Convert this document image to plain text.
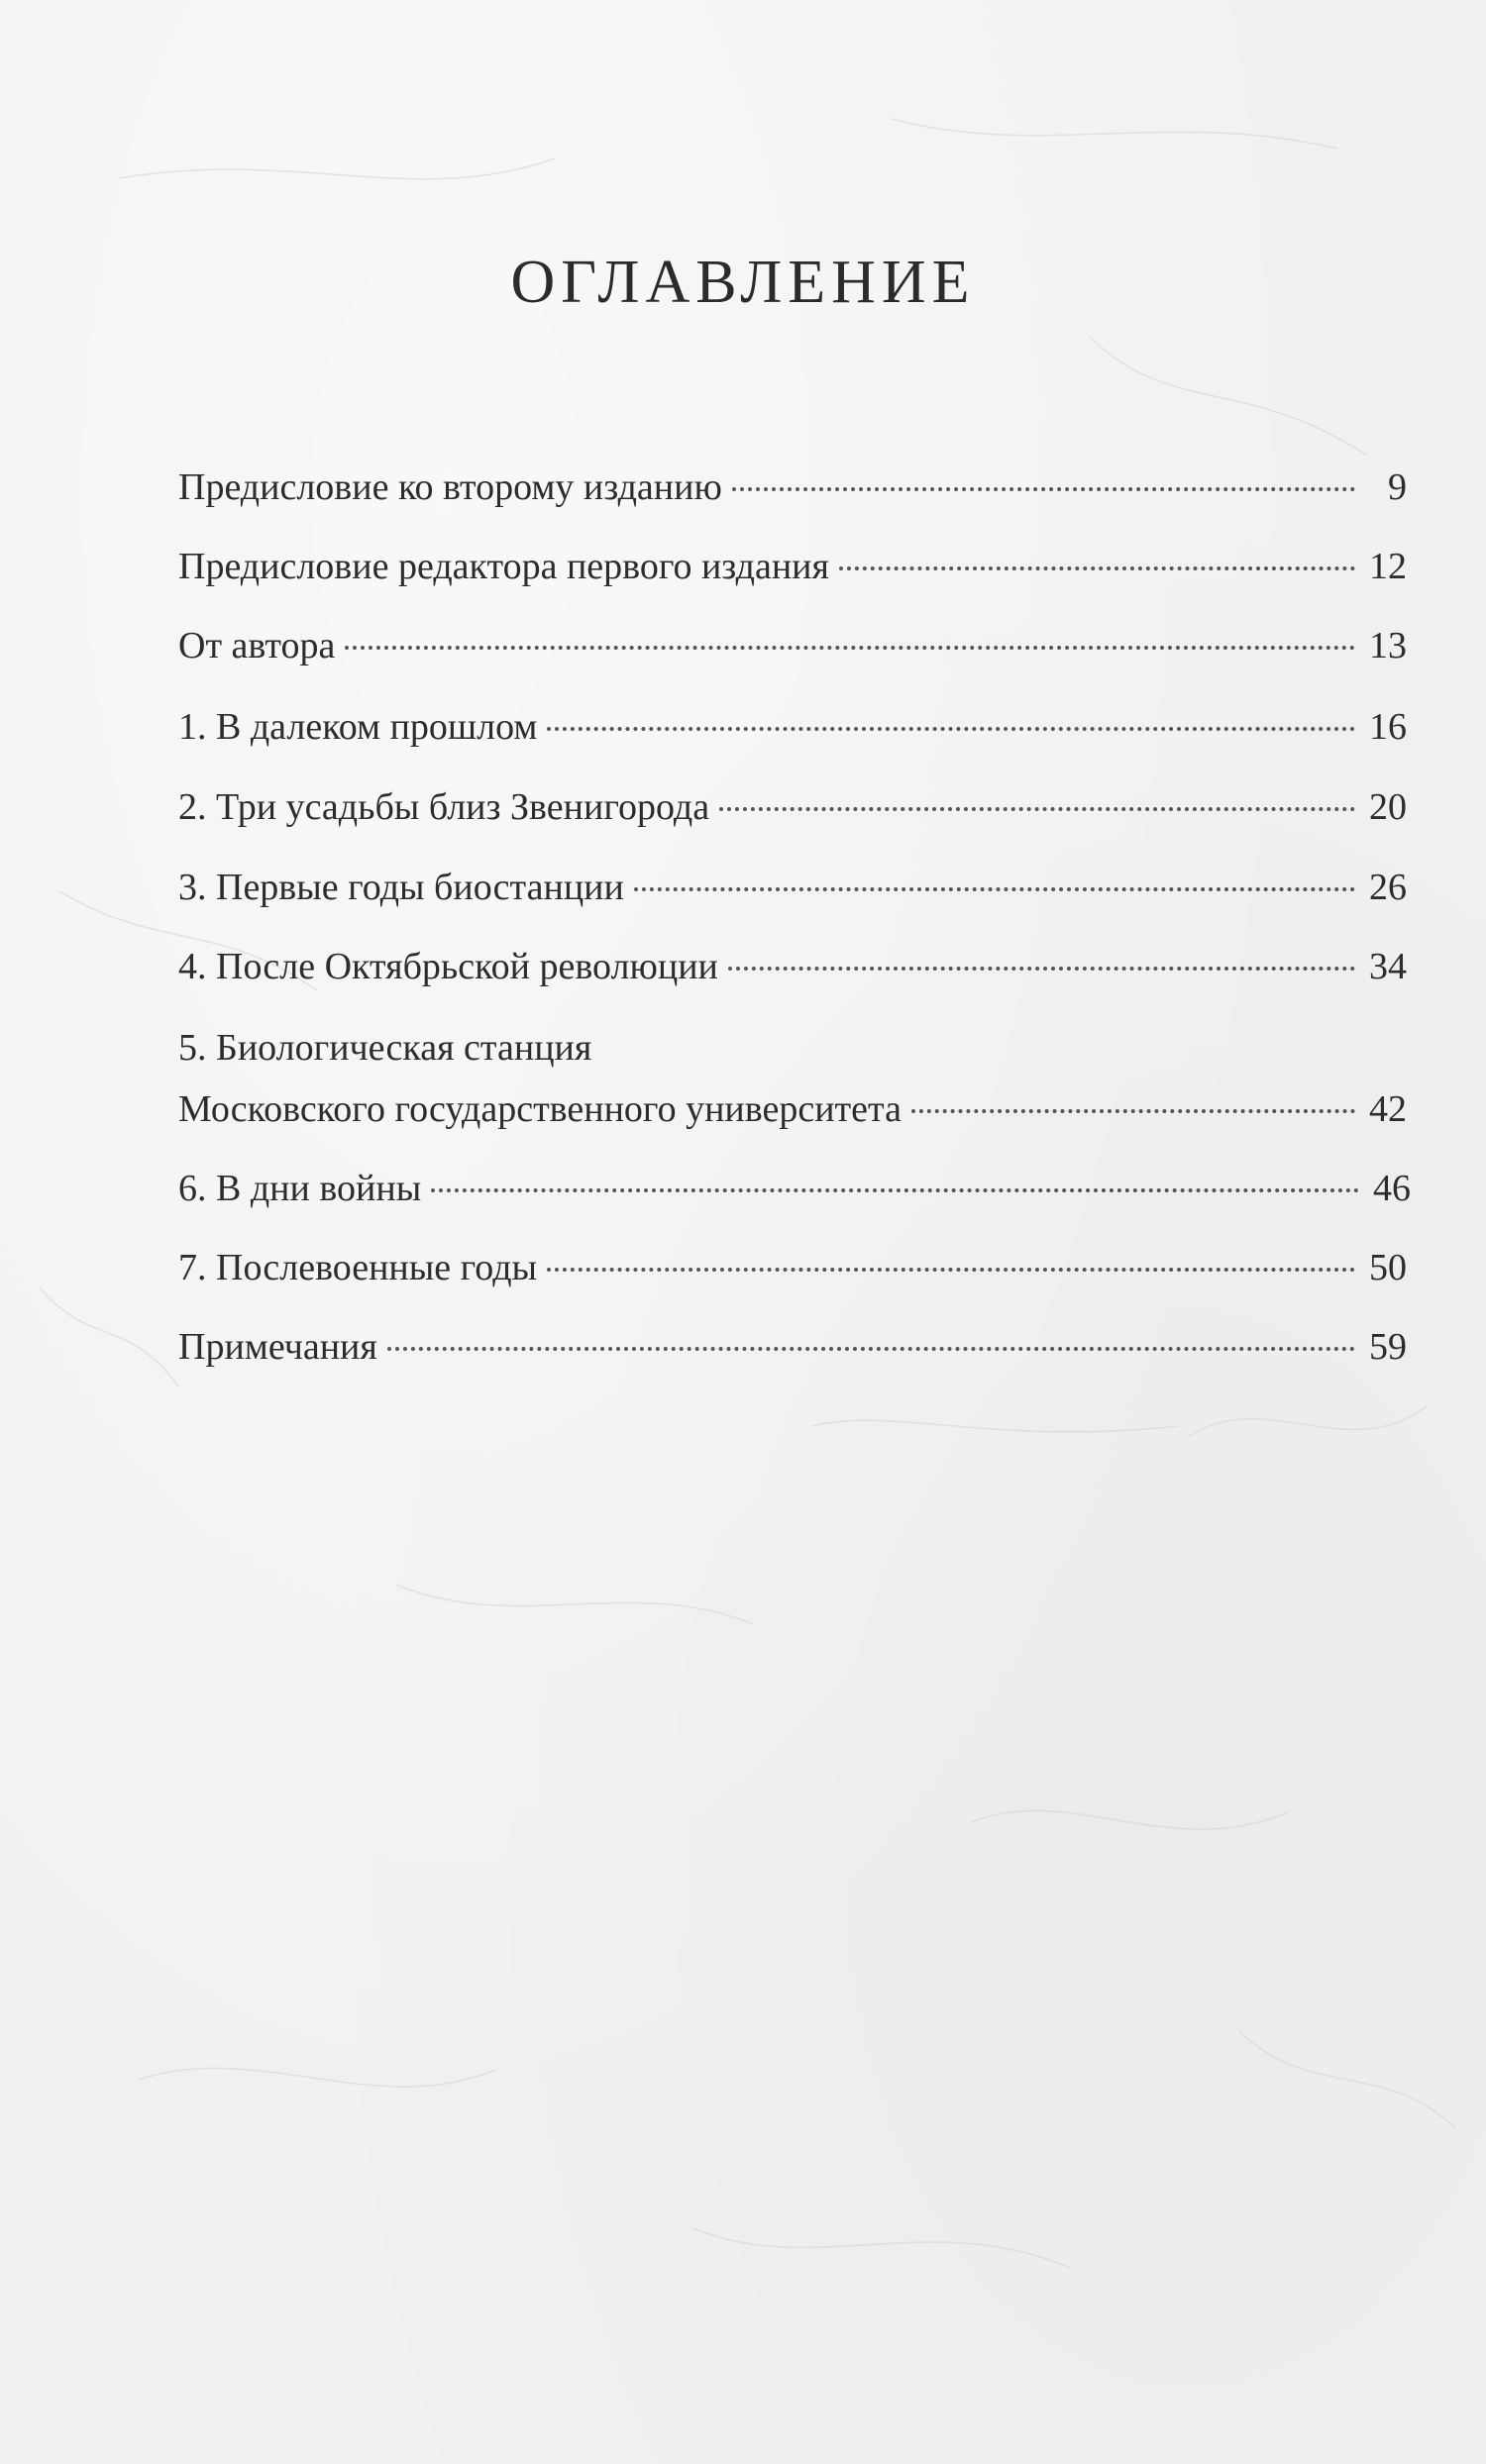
ОГЛАВЛЕНИЕ
Предисловие ко второму изданию	9
Предисловие редактора первого издания	12
От автора	13
1. В далеком прошлом	16
2. Три усадьбы близ Звенигорода	20
3. Первые годы биостанции	26
4. После Октябрьской революции	34
5. Биологическая станция
Московского государственного университета	42
6. В дни войны	46
7. Послевоенные годы	50
Примечания	59
